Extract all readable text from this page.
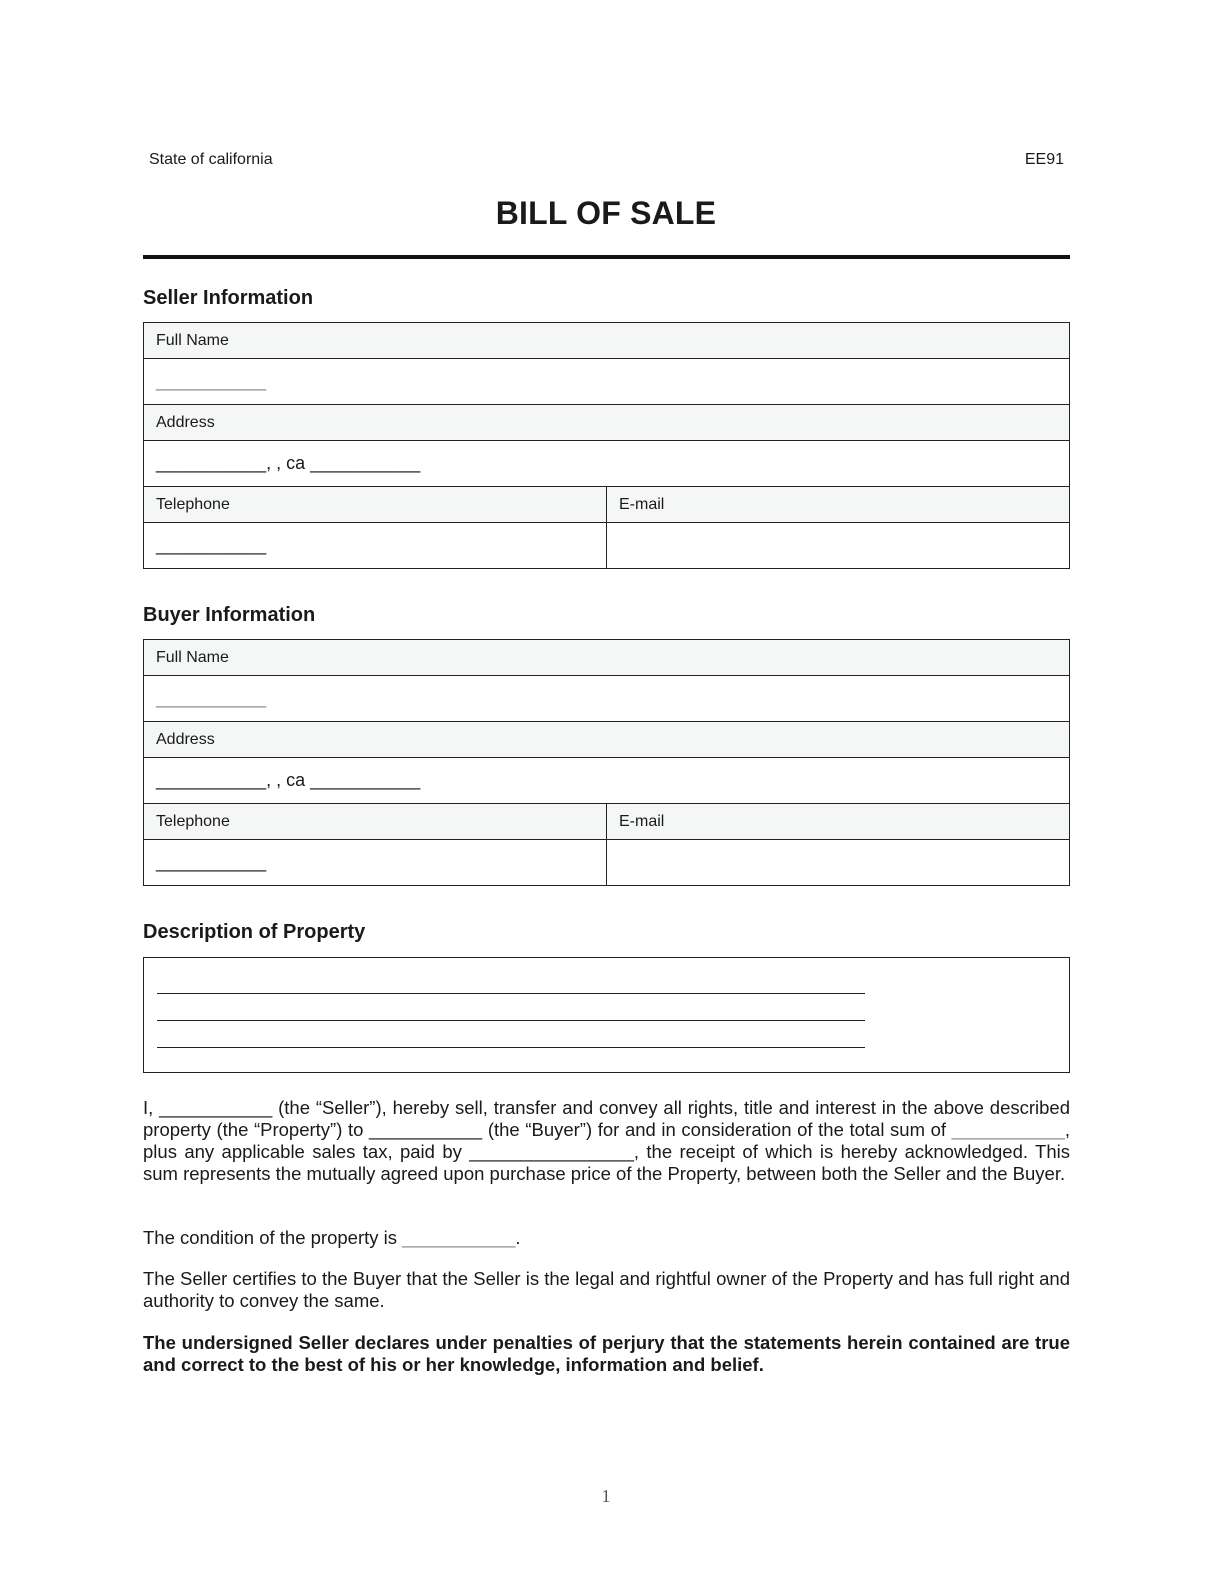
State of california	EE91
BILL OF SALE
Seller Information
Full Name	
___________	
Address	
___________, , ca ___________	
Telephone	E-mail
___________	
Buyer Information
Full Name	
___________	
Address	
___________, , ca ___________	
Telephone	E-mail
___________	
Description of Property
I, ___________ (the “Seller”), hereby sell, transfer and convey all rights, title and interest in the above described property (the “Property”) to ___________ (the “Buyer”) for and in consideration of the total sum of ___________, plus any applicable sales tax, paid by ________________, the receipt of which is hereby acknowledged. This sum represents the mutually agreed upon purchase price of the Property, between both the Seller and the Buyer.
The condition of the property is ___________.
The Seller certifies to the Buyer that the Seller is the legal and rightful owner of the Property and has full right and authority to convey the same.
The undersigned Seller declares under penalties of perjury that the statements herein contained are true and correct to the best of his or her knowledge, information and belief.
1
